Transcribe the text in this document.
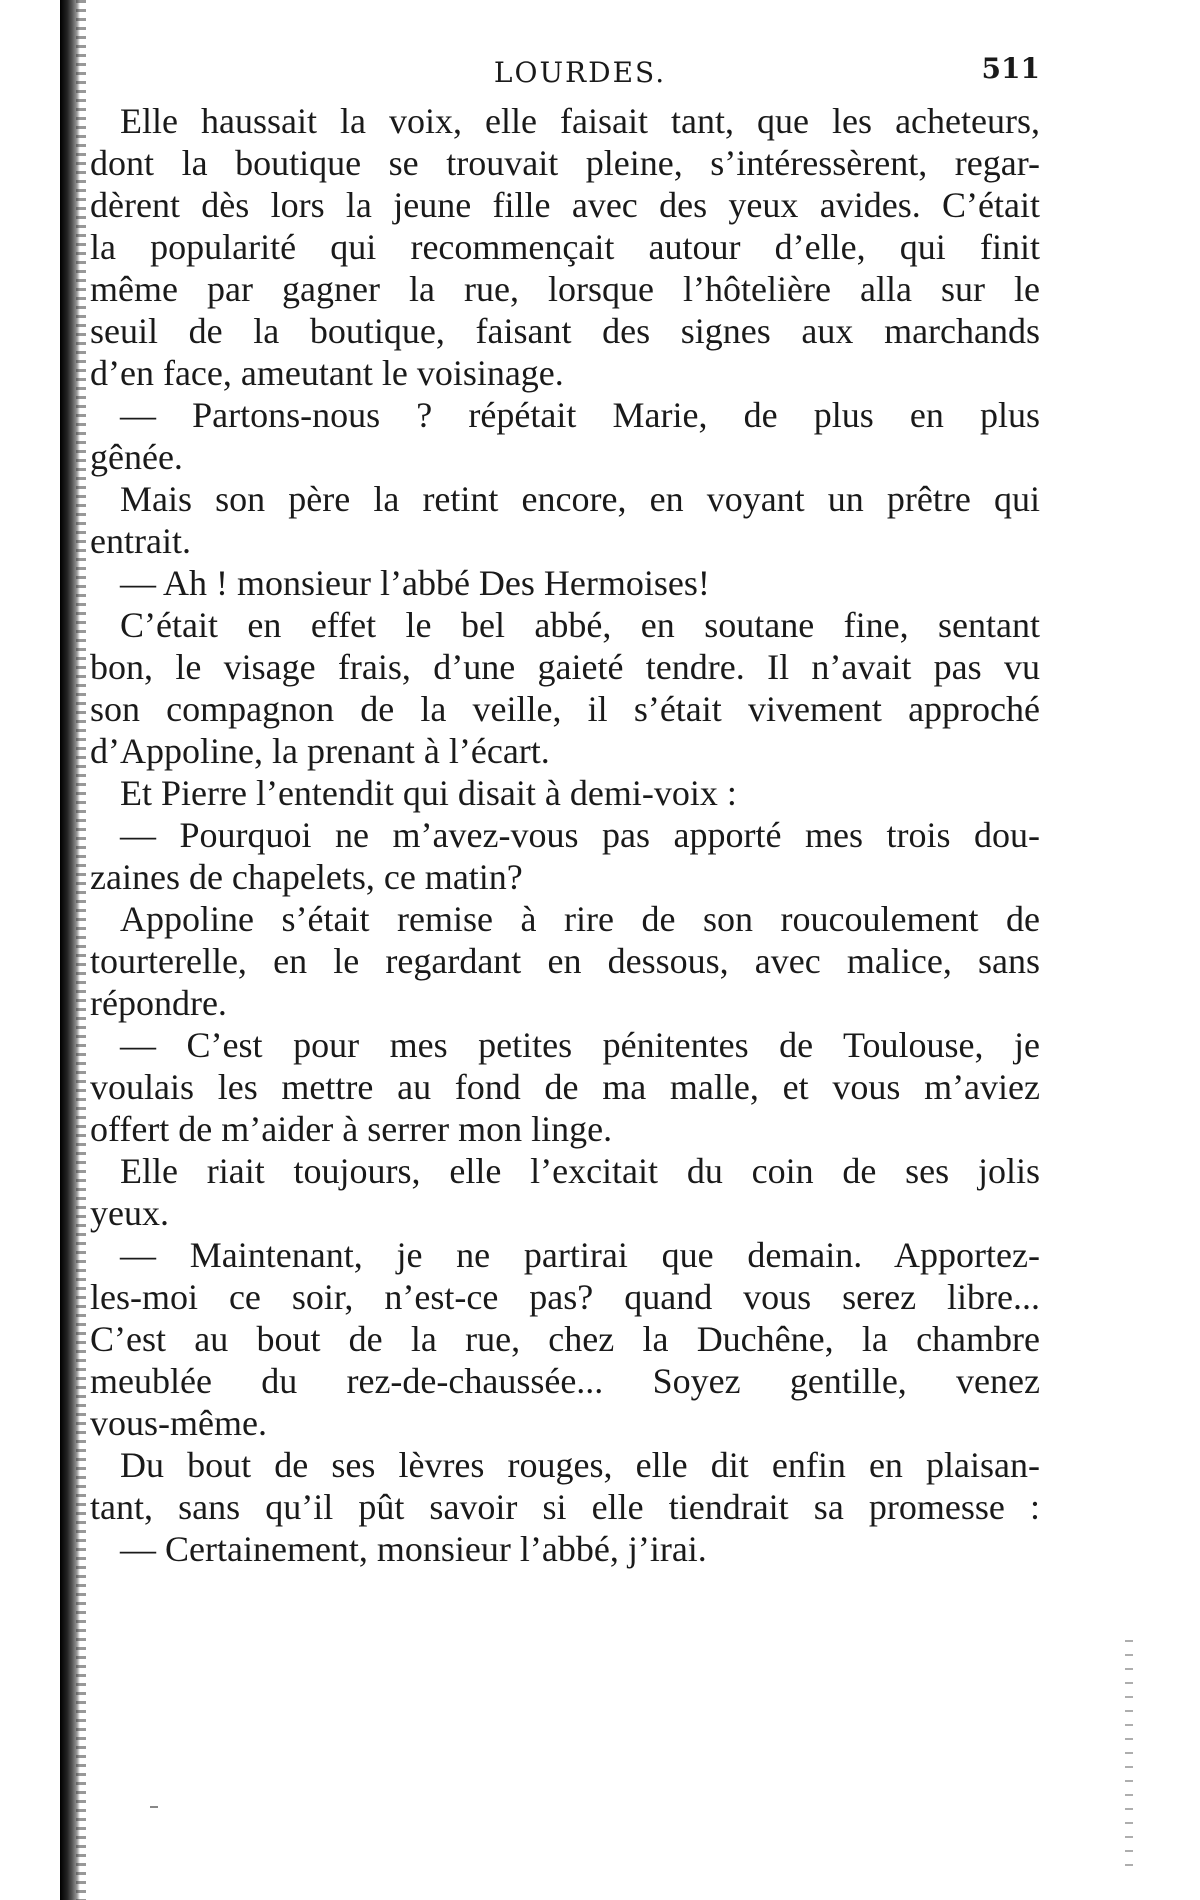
LOURDES.	511
Elle haussait la voix, elle faisait tant, que les acheteurs,
dont la boutique se trouvait pleine, s’intéressèrent, regar-
dèrent dès lors la jeune fille avec des yeux avides. C’était
la popularité qui recommençait autour d’elle, qui finit
même par gagner la rue, lorsque l’hôtelière alla sur le
seuil de la boutique, faisant des signes aux marchands
d’en face, ameutant le voisinage.
— Partons-nous ? répétait Marie, de plus en plus
gênée.
Mais son père la retint encore, en voyant un prêtre qui
entrait.
— Ah ! monsieur l’abbé Des Hermoises!
C’était en effet le bel abbé, en soutane fine, sentant
bon, le visage frais, d’une gaieté tendre. Il n’avait pas vu
son compagnon de la veille, il s’était vivement approché
d’Appoline, la prenant à l’écart.
Et Pierre l’entendit qui disait à demi-voix :
— Pourquoi ne m’avez-vous pas apporté mes trois dou-
zaines de chapelets, ce matin?
Appoline s’était remise à rire de son roucoulement de
tourterelle, en le regardant en dessous, avec malice, sans
répondre.
— C’est pour mes petites pénitentes de Toulouse, je
voulais les mettre au fond de ma malle, et vous m’aviez
offert de m’aider à serrer mon linge.
Elle riait toujours, elle l’excitait du coin de ses jolis
yeux.
— Maintenant, je ne partirai que demain. Apportez-
les-moi ce soir, n’est-ce pas? quand vous serez libre...
C’est au bout de la rue, chez la Duchêne, la chambre
meublée du rez-de-chaussée... Soyez gentille, venez
vous-même.
Du bout de ses lèvres rouges, elle dit enfin en plaisan-
tant, sans qu’il pût savoir si elle tiendrait sa promesse :
— Certainement, monsieur l’abbé, j’irai.
